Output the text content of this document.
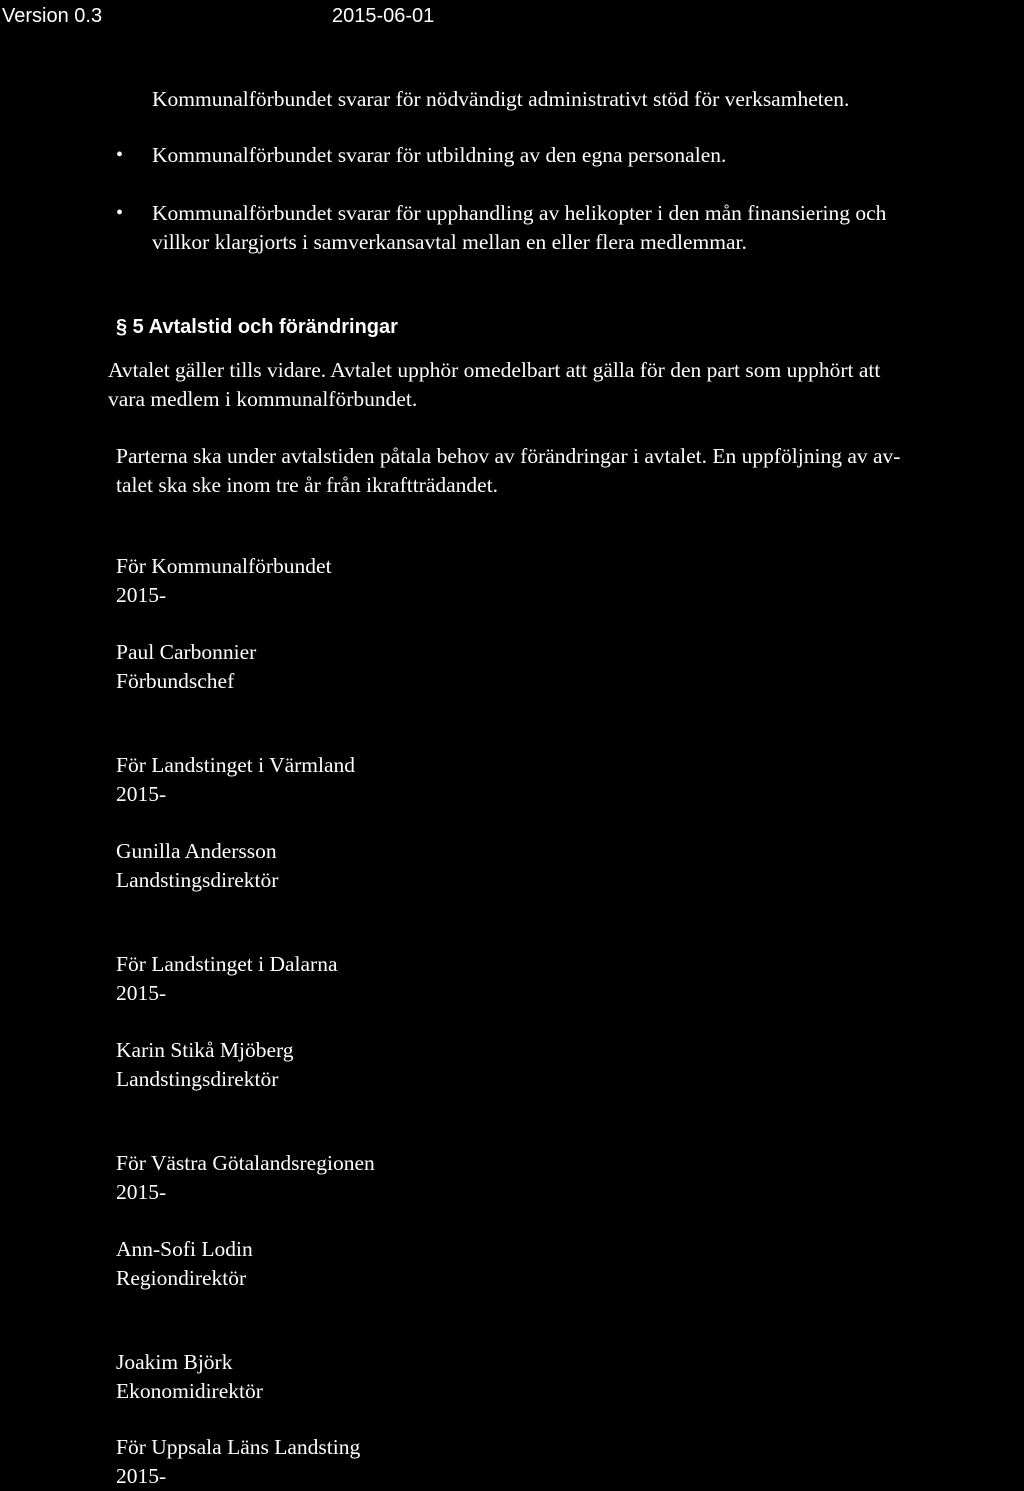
Version 0.3	2015-06-01
Kommunalförbundet svarar för nödvändigt administrativt stöd för verksamheten.
• Kommunalförbundet svarar för utbildning av den egna personalen.
• Kommunalförbundet svarar för upphandling av helikopter i den mån finansiering och
villkor klargjorts i samverkansavtal mellan en eller flera medlemmar.
§ 5 Avtalstid och förändringar
Avtalet gäller tills vidare. Avtalet upphör omedelbart att gälla för den part som upphört att
vara medlem i kommunalförbundet.
Parterna ska under avtalstiden påtala behov av förändringar i avtalet. En uppföljning av av-
talet ska ske inom tre år från ikraftträdandet.
För Kommunalförbundet
2015-
Paul Carbonnier
Förbundschef
För Landstinget i Värmland
2015-
Gunilla Andersson
Landstingsdirektör
För Landstinget i Dalarna
2015-
Karin Stikå Mjöberg
Landstingsdirektör
För Västra Götalandsregionen
2015-
Ann-Sofi Lodin
Regiondirektör
Joakim Björk
Ekonomidirektör
För Uppsala Läns Landsting
2015-
